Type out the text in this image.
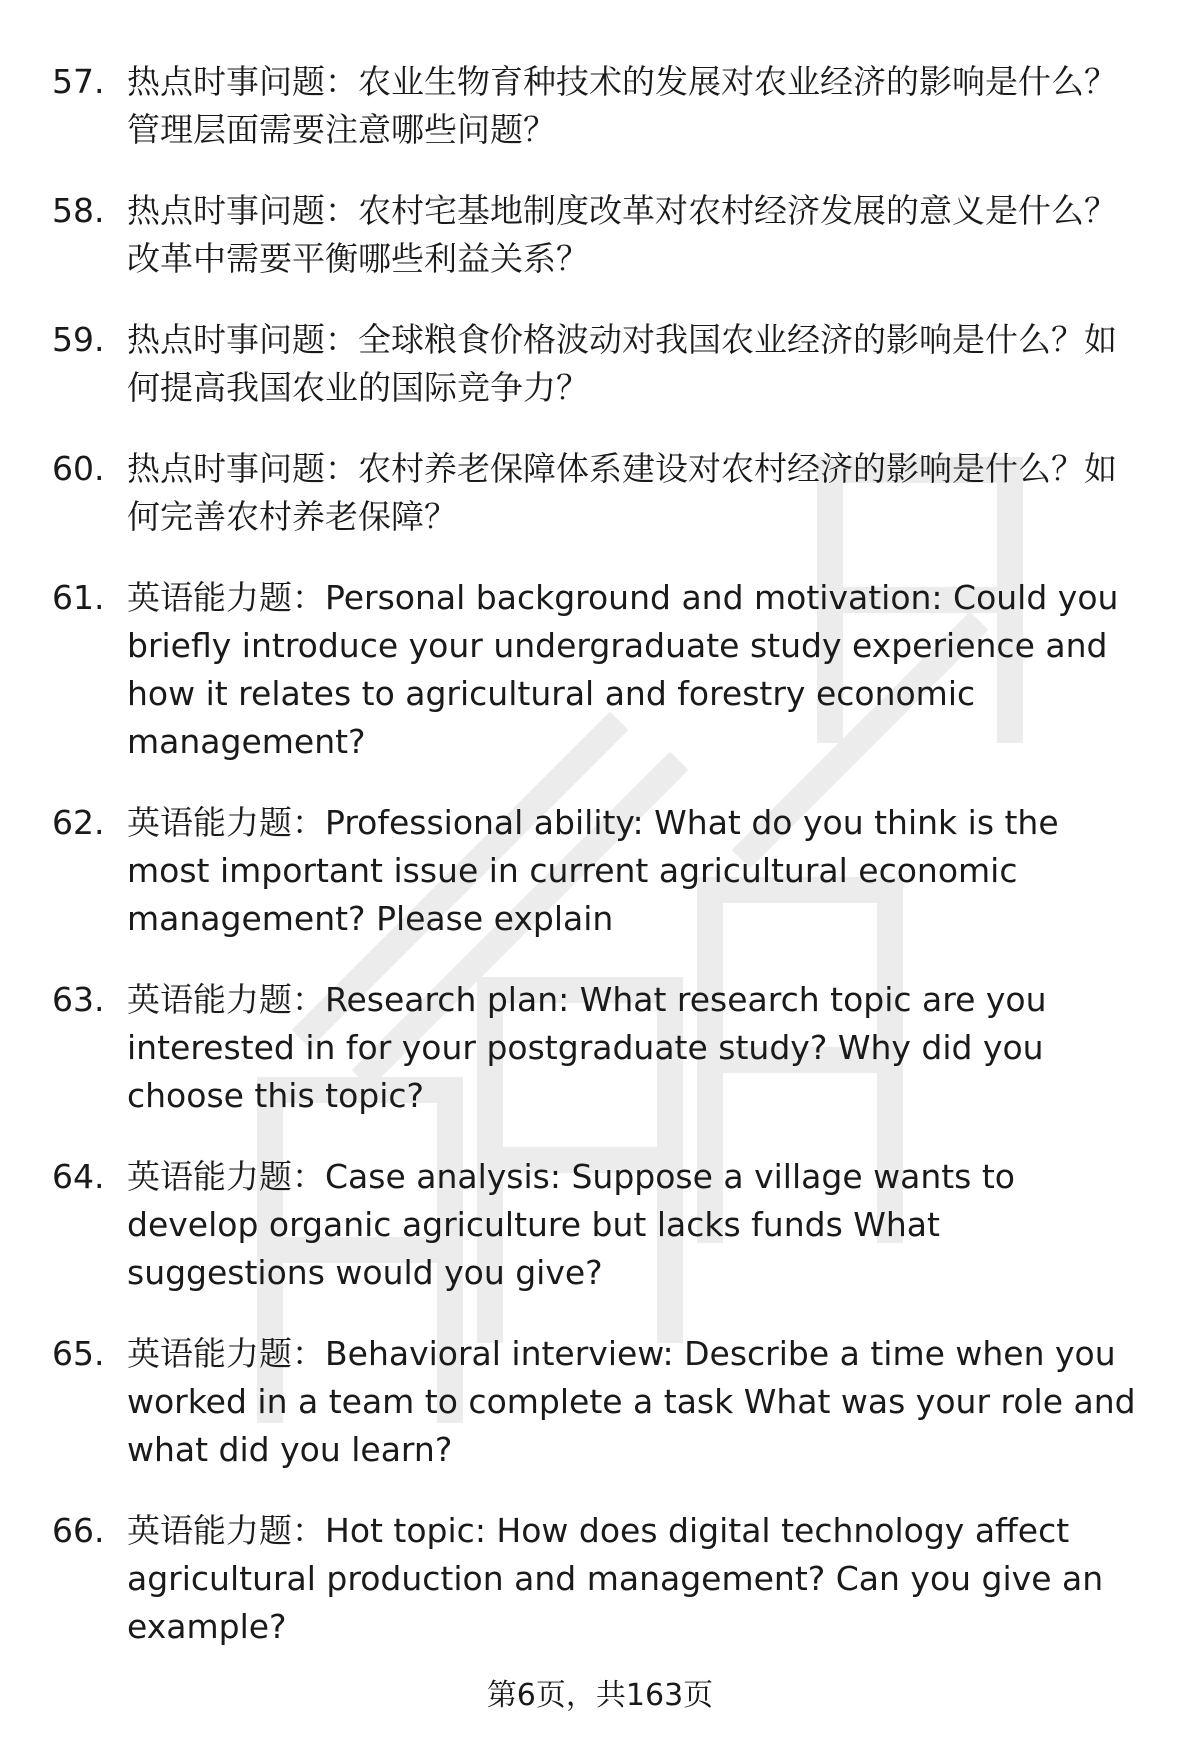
57. 热点时事问题：农业生物育种技术的发展对农业经济的影响是什么？管理层面需要注意哪些问题？
58. 热点时事问题：农村宅基地制度改革对农村经济发展的意义是什么？改革中需要平衡哪些利益关系？
59. 热点时事问题：全球粮食价格波动对我国农业经济的影响是什么？如何提高我国农业的国际竞争力？
60. 热点时事问题：农村养老保障体系建设对农村经济的影响是什么？如何完善农村养老保障？
61. 英语能力题：Personal background and motivation: Could you briefly introduce your undergraduate study experience and how it relates to agricultural and forestry economic management?
62. 英语能力题：Professional ability: What do you think is the most important issue in current agricultural economic management? Please explain
63. 英语能力题：Research plan: What research topic are you interested in for your postgraduate study? Why did you choose this topic?
64. 英语能力题：Case analysis: Suppose a village wants to develop organic agriculture but lacks funds What suggestions would you give?
65. 英语能力题：Behavioral interview: Describe a time when you worked in a team to complete a task What was your role and what did you learn?
66. 英语能力题：Hot topic: How does digital technology affect agricultural production and management? Can you give an example?
第6页，共163页
